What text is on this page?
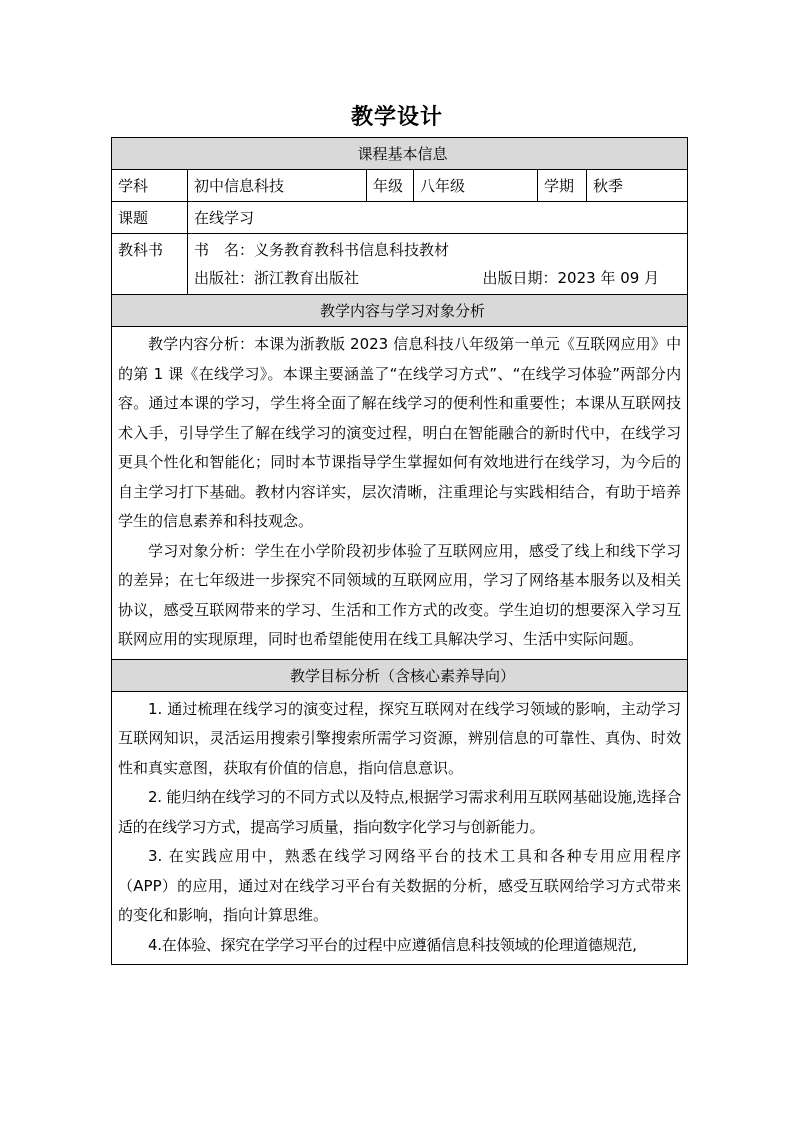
教学设计
课程基本信息					
学科	初中信息科技	年级	八年级	学期	秋季
课题	在线学习				
教科书	书　名：义务教育教科书信息科技教材
出版社：浙江教育出版社 出版日期：2023 年 09 月				

教学内容与学习对象分析					

教学内容分析：本课为浙教版 2023 信息科技八年级第一单元《互联网应用》中的第 1 课《在线学习》。本课主要涵盖了“在线学习方式”、“在线学习体验”两部分内容。通过本课的学习，学生将全面了解在线学习的便利性和重要性；本课从互联网技术入手，引导学生了解在线学习的演变过程，明白在智能融合的新时代中，在线学习更具个性化和智能化；同时本节课指导学生掌握如何有效地进行在线学习，为今后的自主学习打下基础。教材内容详实，层次清晰，注重理论与实践相结合，有助于培养学生的信息素养和科技观念。

学习对象分析：学生在小学阶段初步体验了互联网应用，感受了线上和线下学习的差异；在七年级进一步探究不同领域的互联网应用，学习了网络基本服务以及相关协议，感受互联网带来的学习、生活和工作方式的改变。学生迫切的想要深入学习互联网应用的实现原理，同时也希望能使用在线工具解决学习、生活中实际问题。					

教学目标分析（含核心素养导向）					

1. 通过梳理在线学习的演变过程，探究互联网对在线学习领域的影响，主动学习互联网知识，灵活运用搜索引擎搜索所需学习资源，辨别信息的可靠性、真伪、时效性和真实意图，获取有价值的信息，指向信息意识。

2. 能归纳在线学习的不同方式以及特点,根据学习需求利用互联网基础设施,选择合适的在线学习方式，提高学习质量，指向数字化学习与创新能力。

3. 在实践应用中，熟悉在线学习网络平台的技术工具和各种专用应用程序（APP）的应用，通过对在线学习平台有关数据的分析，感受互联网给学习方式带来的变化和影响，指向计算思维。

4.在体验、探究在学学习平台的过程中应遵循信息科技领域的伦理道德规范,					
